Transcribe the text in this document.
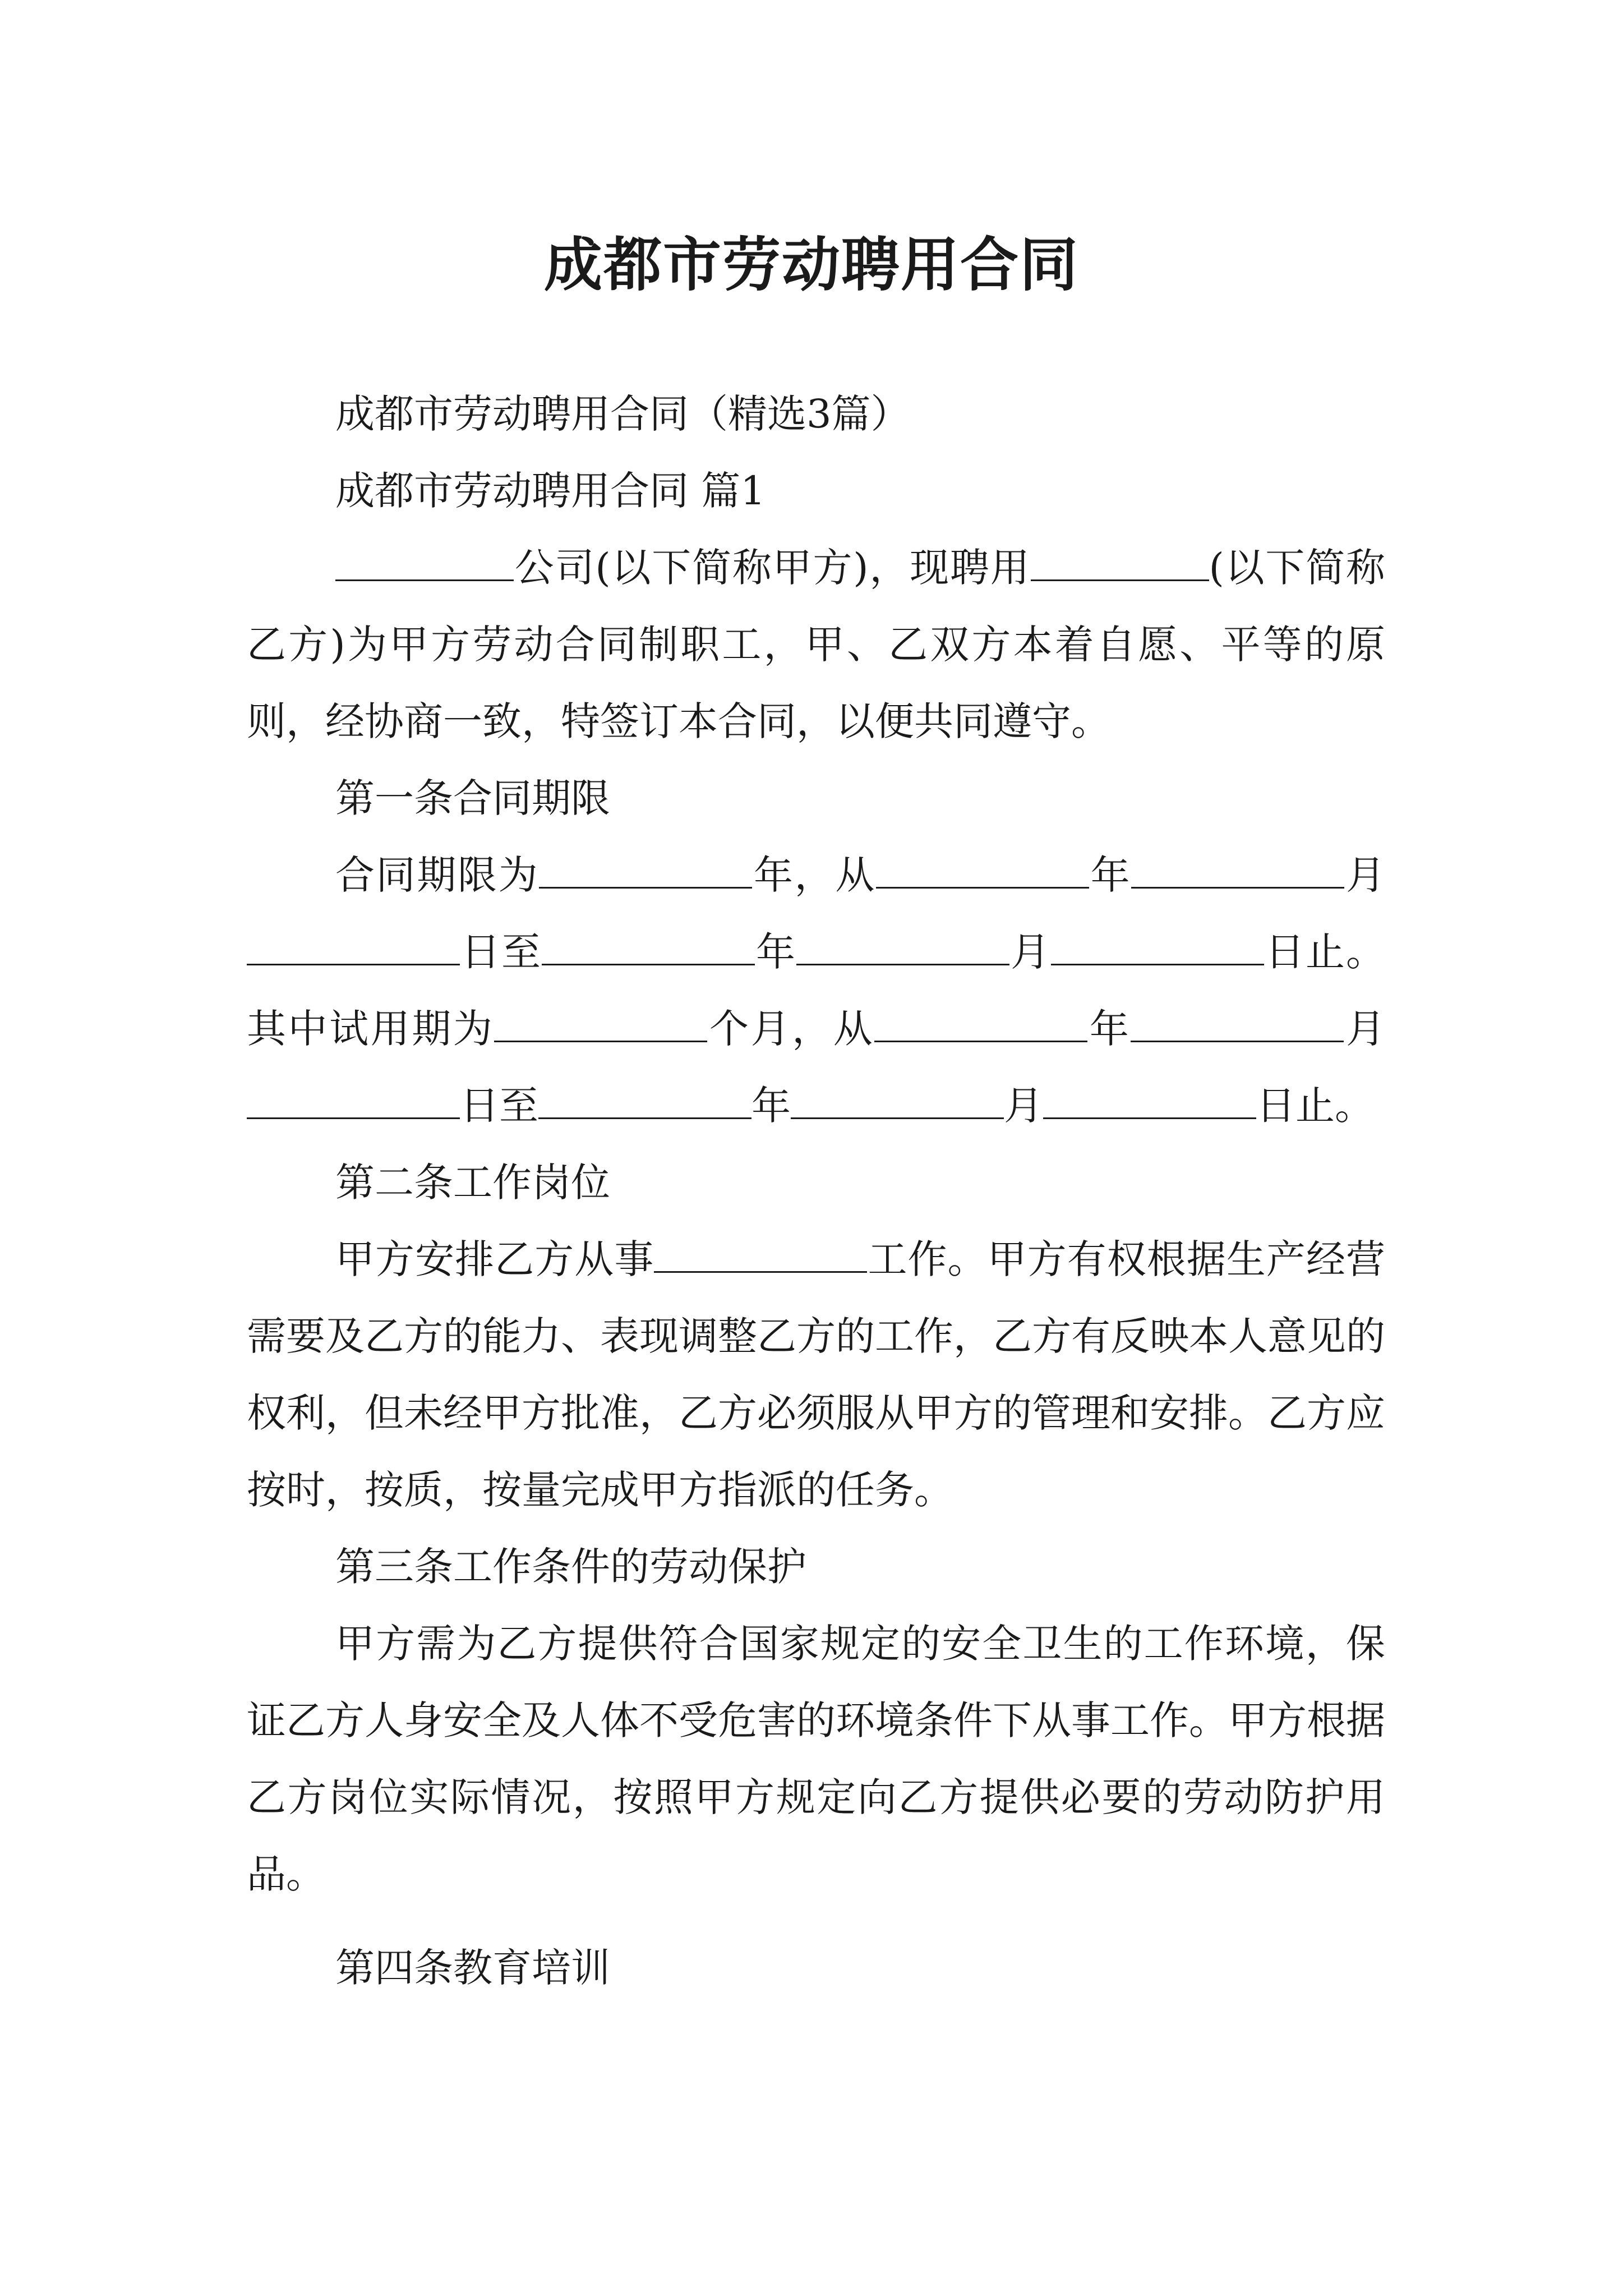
成都市劳动聘用合同

成都市劳动聘用合同（精选3篇）

成都市劳动聘用合同 篇1

公司(以下简称甲方)，现聘用	(以下简称乙方)为甲方劳动合同制职工，甲、乙双方本着自愿、平等的原则，经协商一致，特签订本合同，以便共同遵守。

第一条合同期限

合同期限为	年，从	年	月日至	年	月	日止。其中试用期为	个月，从	年	月日至	年	月	日止。

第二条工作岗位

甲方安排乙方从事	工作。甲方有权根据生产经营需要及乙方的能力、表现调整乙方的工作，乙方有反映本人意见的权利，但未经甲方批准，乙方必须服从甲方的管理和安排。乙方应按时，按质，按量完成甲方指派的任务。

第三条工作条件的劳动保护

甲方需为乙方提供符合国家规定的安全卫生的工作环境，保证乙方人身安全及人体不受危害的环境条件下从事工作。甲方根据乙方岗位实际情况，按照甲方规定向乙方提供必要的劳动防护用品。

第四条教育培训
